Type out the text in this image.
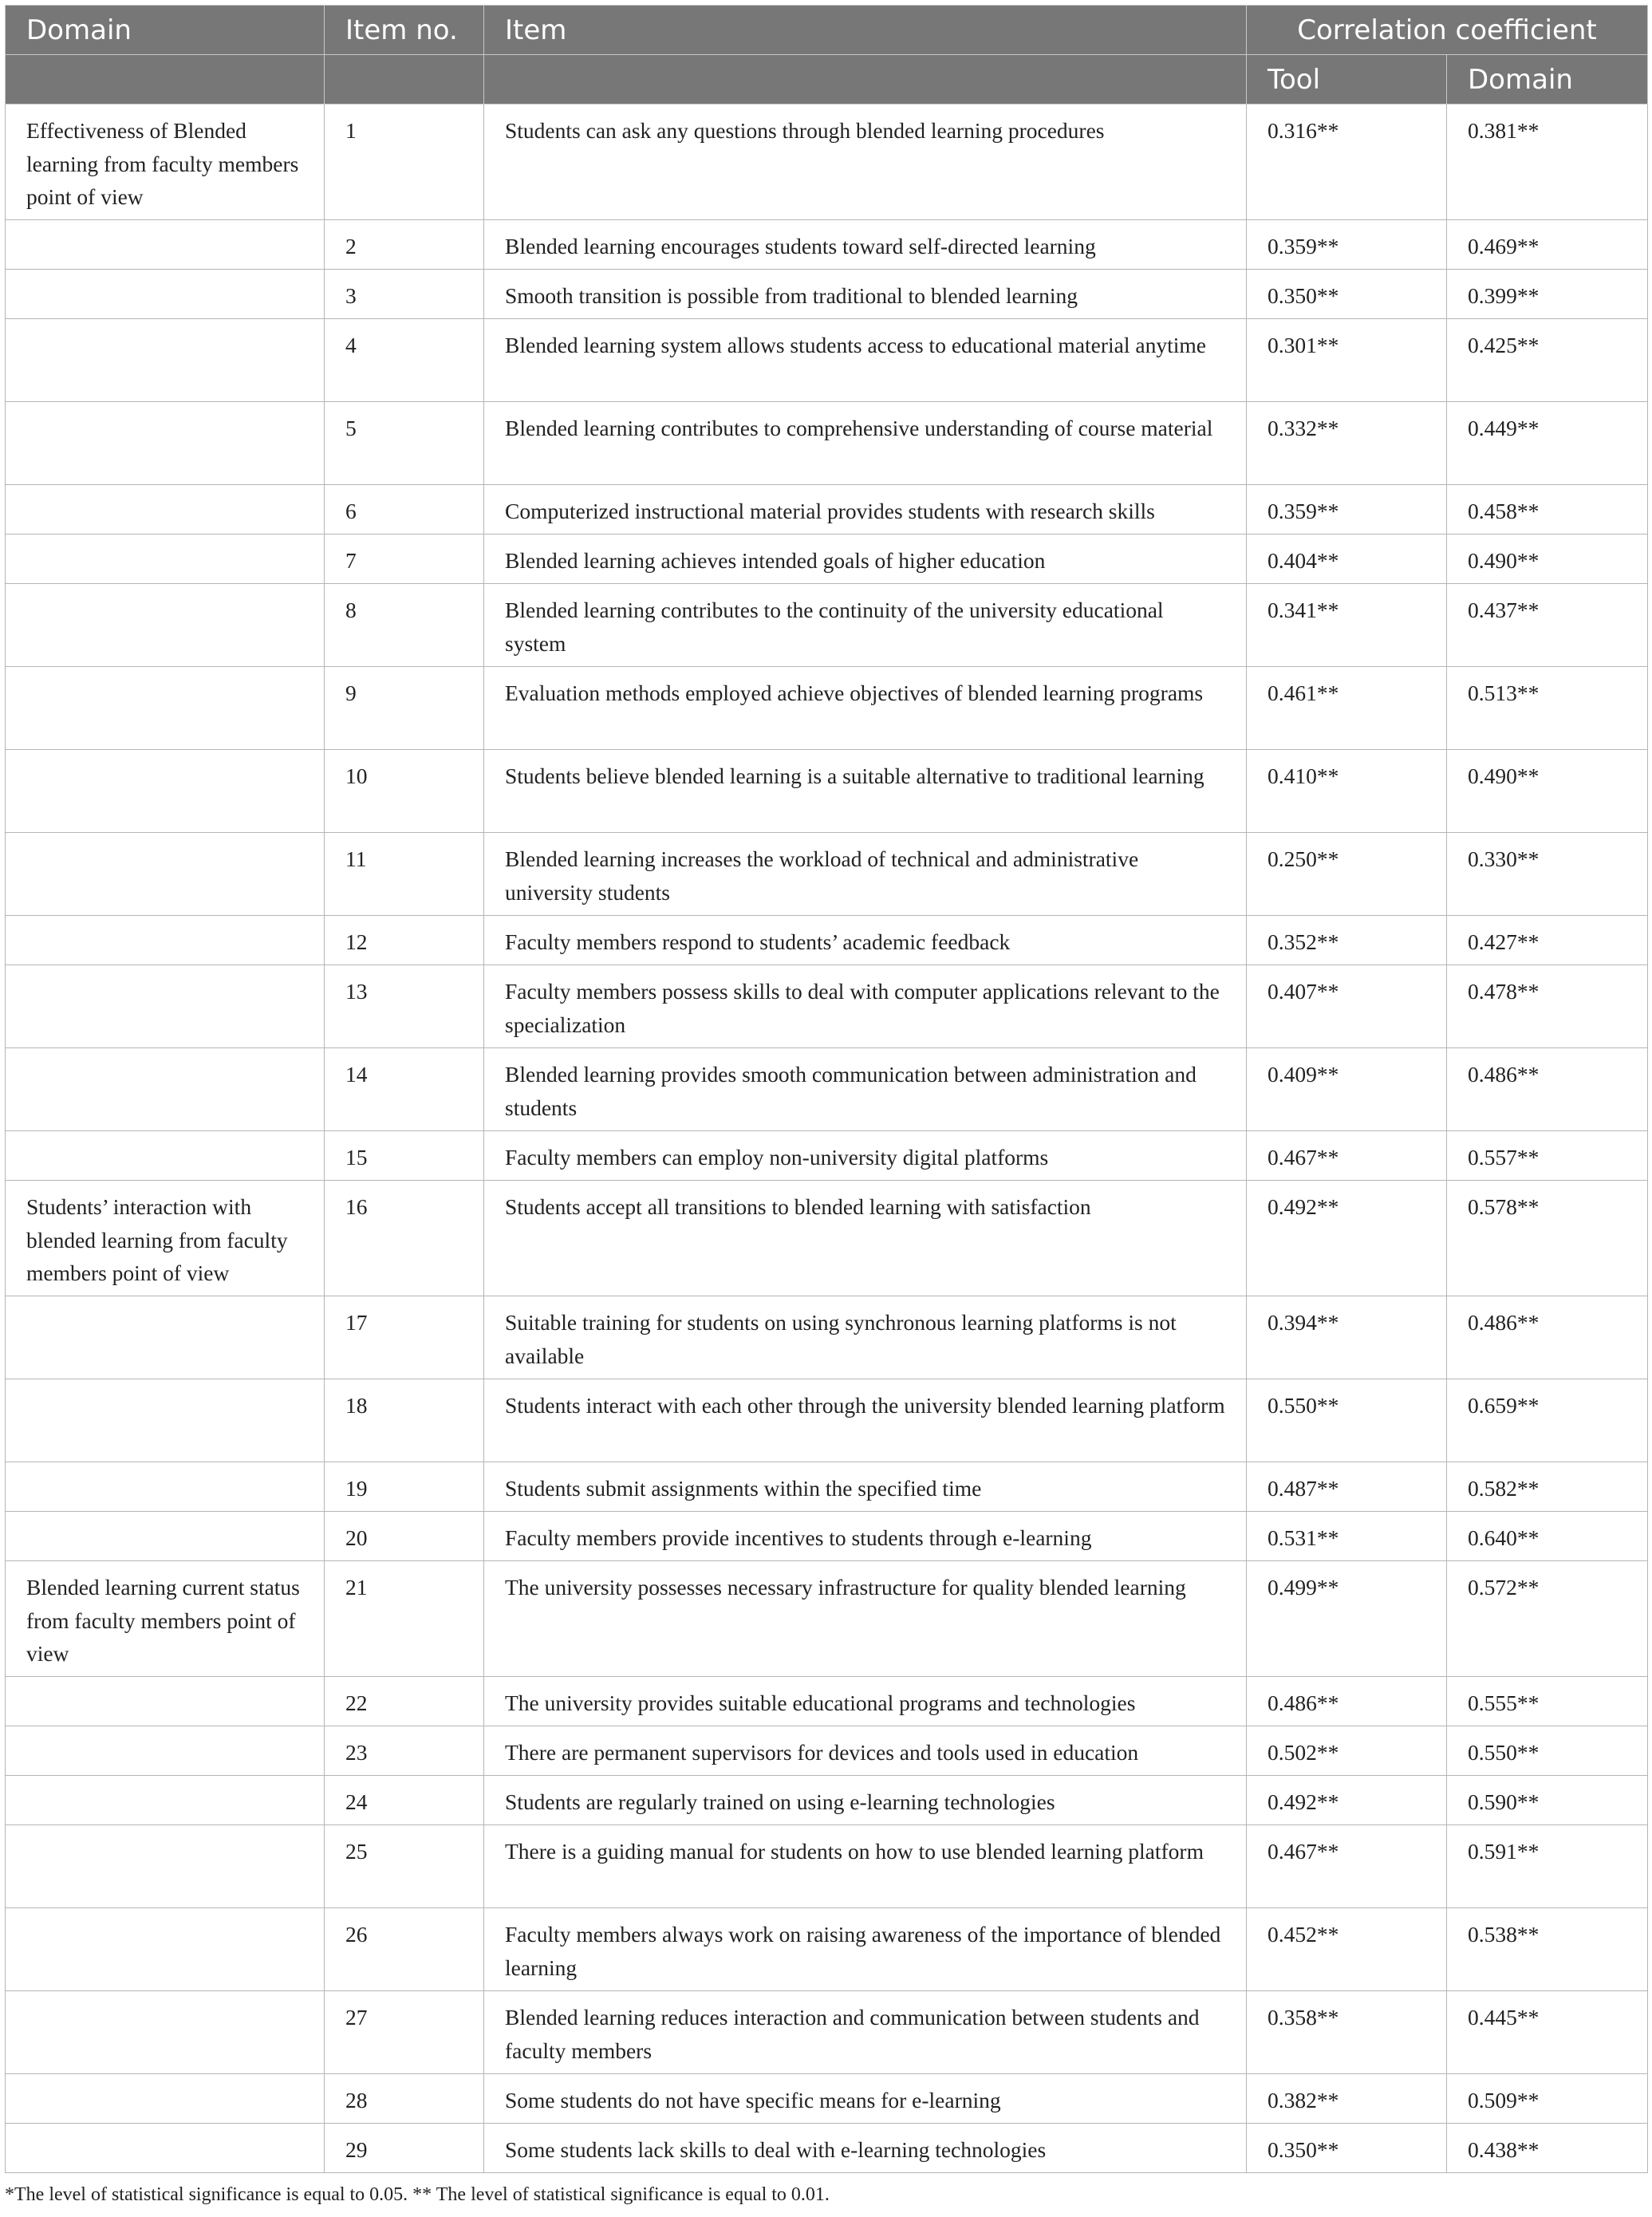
Domain	Item no.	Item	Correlation coefficient	
			Tool	Domain
Effectiveness of Blended learning from faculty members point of view	1	Students can ask any questions through blended learning procedures	0.316**	0.381**
	2	Blended learning encourages students toward self-directed learning	0.359**	0.469**
	3	Smooth transition is possible from traditional to blended learning	0.350**	0.399**
	4	Blended learning system allows students access to educational material anytime	0.301**	0.425**
	5	Blended learning contributes to comprehensive understanding of course material	0.332**	0.449**
	6	Computerized instructional material provides students with research skills	0.359**	0.458**
	7	Blended learning achieves intended goals of higher education	0.404**	0.490**
	8	Blended learning contributes to the continuity of the university educational system	0.341**	0.437**
	9	Evaluation methods employed achieve objectives of blended learning programs	0.461**	0.513**
	10	Students believe blended learning is a suitable alternative to traditional learning	0.410**	0.490**
	11	Blended learning increases the workload of technical and administrative university students	0.250**	0.330**
	12	Faculty members respond to students’ academic feedback	0.352**	0.427**
	13	Faculty members possess skills to deal with computer applications relevant to the specialization	0.407**	0.478**
	14	Blended learning provides smooth communication between administration and students	0.409**	0.486**
	15	Faculty members can employ non-university digital platforms	0.467**	0.557**
Students’ interaction with blended learning from faculty members point of view	16	Students accept all transitions to blended learning with satisfaction	0.492**	0.578**
	17	Suitable training for students on using synchronous learning platforms is not available	0.394**	0.486**
	18	Students interact with each other through the university blended learning platform	0.550**	0.659**
	19	Students submit assignments within the specified time	0.487**	0.582**
	20	Faculty members provide incentives to students through e-learning	0.531**	0.640**
Blended learning current status from faculty members point of view	21	The university possesses necessary infrastructure for quality blended learning	0.499**	0.572**
	22	The university provides suitable educational programs and technologies	0.486**	0.555**
	23	There are permanent supervisors for devices and tools used in education	0.502**	0.550**
	24	Students are regularly trained on using e-learning technologies	0.492**	0.590**
	25	There is a guiding manual for students on how to use blended learning platform	0.467**	0.591**
	26	Faculty members always work on raising awareness of the importance of blended learning	0.452**	0.538**
	27	Blended learning reduces interaction and communication between students and faculty members	0.358**	0.445**
	28	Some students do not have specific means for e-learning	0.382**	0.509**
	29	Some students lack skills to deal with e-learning technologies	0.350**	0.438**
*The level of statistical significance is equal to 0.05. ** The level of statistical significance is equal to 0.01.
